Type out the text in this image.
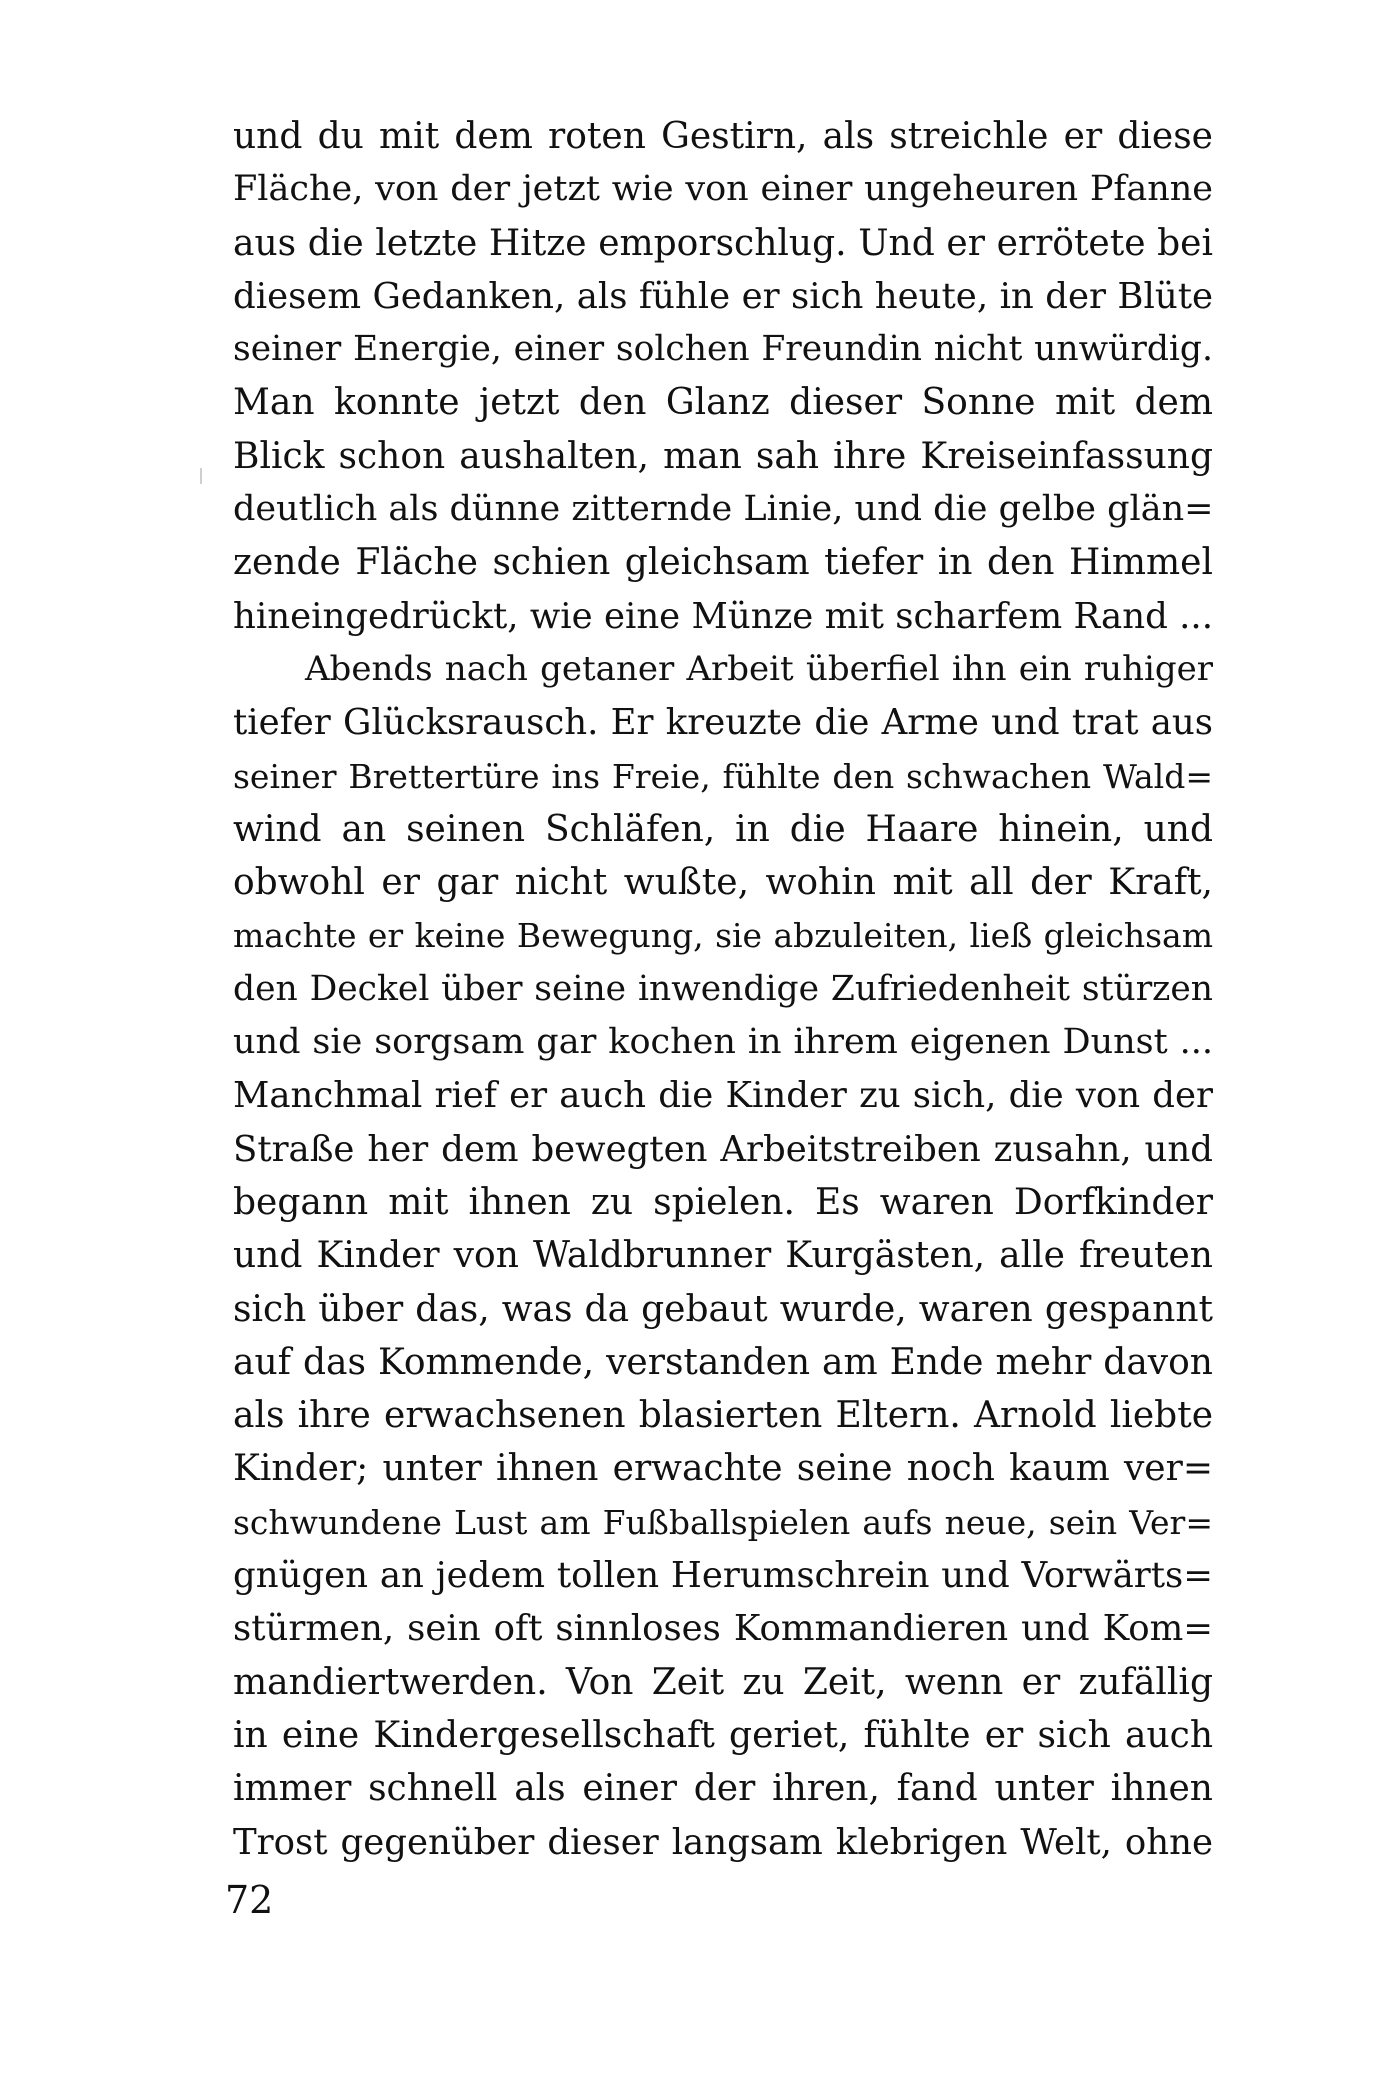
und du mit dem roten Gestirn, als streichle er diese
Fläche, von der jetzt wie von einer ungeheuren Pfanne
aus die letzte Hitze emporschlug. Und er errötete bei
diesem Gedanken, als fühle er sich heute, in der Blüte
seiner Energie, einer solchen Freundin nicht unwürdig.
Man konnte jetzt den Glanz dieser Sonne mit dem
Blick schon aushalten, man sah ihre Kreiseinfassung
deutlich als dünne zitternde Linie, und die gelbe glän=
zende Fläche schien gleichsam tiefer in den Himmel
hineingedrückt, wie eine Münze mit scharfem Rand ...
Abends nach getaner Arbeit überfiel ihn ein ruhiger
tiefer Glücksrausch. Er kreuzte die Arme und trat aus
seiner Brettertüre ins Freie, fühlte den schwachen Wald=
wind an seinen Schläfen, in die Haare hinein, und
obwohl er gar nicht wußte, wohin mit all der Kraft,
machte er keine Bewegung, sie abzuleiten, ließ gleichsam
den Deckel über seine inwendige Zufriedenheit stürzen
und sie sorgsam gar kochen in ihrem eigenen Dunst ...
Manchmal rief er auch die Kinder zu sich, die von der
Straße her dem bewegten Arbeitstreiben zusahn, und
begann mit ihnen zu spielen. Es waren Dorfkinder
und Kinder von Waldbrunner Kurgästen, alle freuten
sich über das, was da gebaut wurde, waren gespannt
auf das Kommende, verstanden am Ende mehr davon
als ihre erwachsenen blasierten Eltern. Arnold liebte
Kinder; unter ihnen erwachte seine noch kaum ver=
schwundene Lust am Fußballspielen aufs neue, sein Ver=
gnügen an jedem tollen Herumschrein und Vorwärts=
stürmen, sein oft sinnloses Kommandieren und Kom=
mandiertwerden. Von Zeit zu Zeit, wenn er zufällig
in eine Kindergesellschaft geriet, fühlte er sich auch
immer schnell als einer der ihren, fand unter ihnen
Trost gegenüber dieser langsam klebrigen Welt, ohne
72
